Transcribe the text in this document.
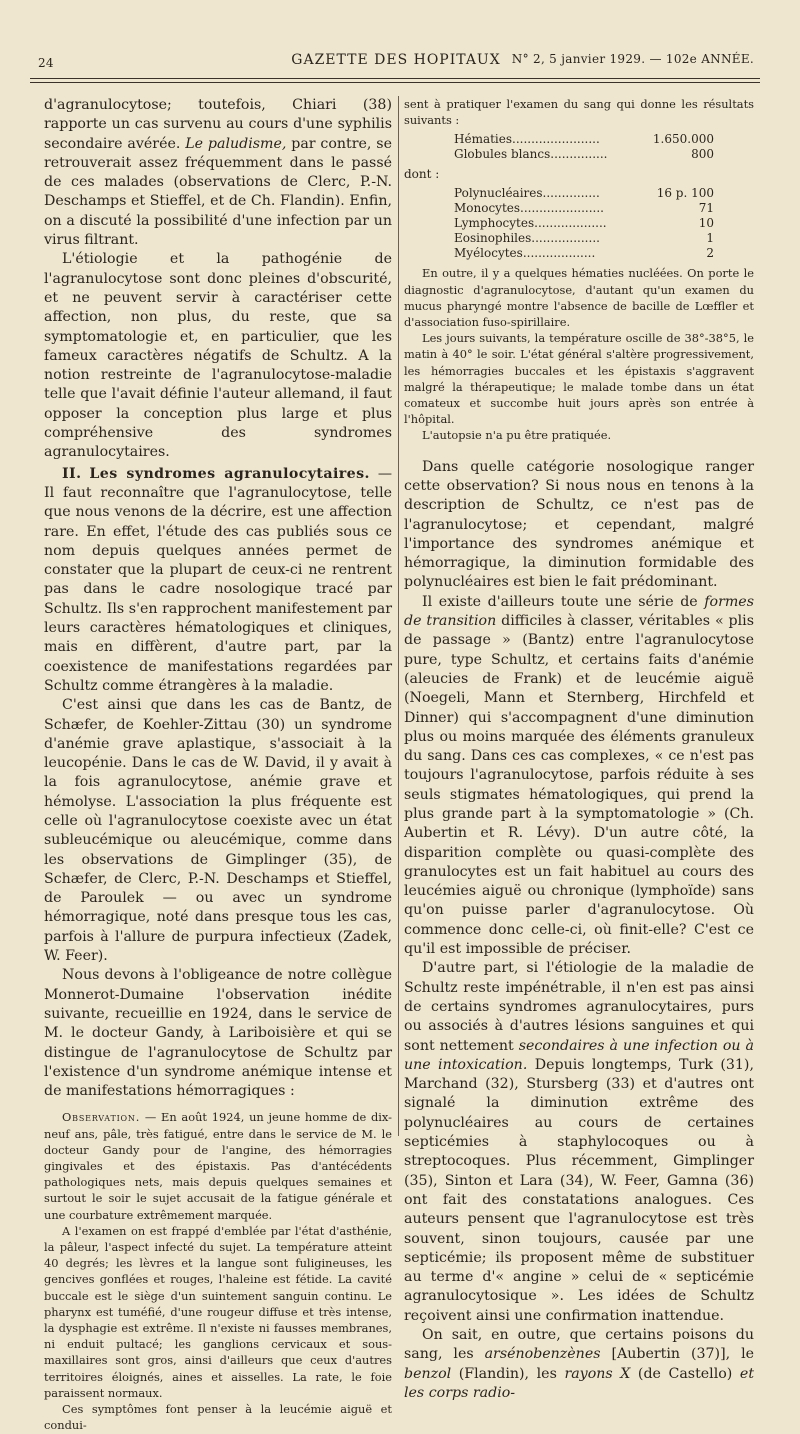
24	GAZETTE DES HOPITAUX N° 2, 5 janvier 1929. — 102e ANNÉE.

d'agranulocytose; toutefois, Chiari (38) rapporte un cas survenu au cours d'une syphilis secondaire avérée. Le paludisme, par contre, se retrouverait assez fréquemment dans le passé de ces malades (observations de Clerc, P.-N. Deschamps et Stieffel, et de Ch. Flandin). Enfin, on a discuté la possibilité d'une infection par un virus filtrant.

L'étiologie et la pathogénie de l'agranulocytose sont donc pleines d'obscurité, et ne peuvent servir à caractériser cette affection, non plus, du reste, que sa symptomatologie et, en particulier, que les fameux caractères négatifs de Schultz. A la notion restreinte de l'agranulocytose-maladie telle que l'avait définie l'auteur allemand, il faut opposer la conception plus large et plus compréhensive des syndromes agranulocytaires.

II. Les syndromes agranulocytaires. — Il faut reconnaître que l'agranulocytose, telle que nous venons de la décrire, est une affection rare. En effet, l'étude des cas publiés sous ce nom depuis quelques années permet de constater que la plupart de ceux-ci ne rentrent pas dans le cadre nosologique tracé par Schultz. Ils s'en rapprochent manifestement par leurs caractères hématologiques et cliniques, mais en diffèrent, d'autre part, par la coexistence de manifestations regardées par Schultz comme étrangères à la maladie.

C'est ainsi que dans les cas de Bantz, de Schæfer, de Koehler-Zittau (30) un syndrome d'anémie grave aplastique, s'associait à la leucopénie. Dans le cas de W. David, il y avait à la fois agranulocytose, anémie grave et hémolyse. L'association la plus fréquente est celle où l'agranulocytose coexiste avec un état subleucémique ou aleucémique, comme dans les observations de Gimplinger (35), de Schæfer, de Clerc, P.-N. Deschamps et Stieffel, de Paroulek — ou avec un syndrome hémorragique, noté dans presque tous les cas, parfois à l'allure de purpura infectieux (Zadek, W. Feer).

Nous devons à l'obligeance de notre collègue Monnerot-Dumaine l'observation inédite suivante, recueillie en 1924, dans le service de M. le docteur Gandy, à Lariboisière et qui se distingue de l'agranulocytose de Schultz par l'existence d'un syndrome anémique intense et de manifestations hémorragiques :

Observation. — En août 1924, un jeune homme de dix-neuf ans, pâle, très fatigué, entre dans le service de M. le docteur Gandy pour de l'angine, des hémorragies gingivales et des épistaxis. Pas d'antécédents pathologiques nets, mais depuis quelques semaines et surtout le soir le sujet accusait de la fatigue générale et une courbature extrêmement marquée.

A l'examen on est frappé d'emblée par l'état d'asthénie, la pâleur, l'aspect infecté du sujet. La température atteint 40 degrés; les lèvres et la langue sont fuligineuses, les gencives gonflées et rouges, l'haleine est fétide. La cavité buccale est le siège d'un suintement sanguin continu. Le pharynx est tuméfié, d'une rougeur diffuse et très intense, la dysphagie est extrême. Il n'existe ni fausses membranes, ni enduit pultacé; les ganglions cervicaux et sous-maxillaires sont gros, ainsi d'ailleurs que ceux d'autres territoires éloignés, aines et aisselles. La rate, le foie paraissent normaux.

Ces symptômes font penser à la leucémie aiguë et condui-

sent à pratiquer l'examen du sang qui donne les résultats suivants :

Hématies.......................	1.650.000
Globules blancs...............	800

dont :

Polynucléaires...............	16 p. 100
Monocytes......................	71
Lymphocytes...................	10
Eosinophiles..................	1
Myélocytes...................	2

En outre, il y a quelques hématies nucléées. On porte le diagnostic d'agranulocytose, d'autant qu'un examen du mucus pharyngé montre l'absence de bacille de Lœffler et d'association fuso-spirillaire.

Les jours suivants, la température oscille de 38°-38°5, le matin à 40° le soir. L'état général s'altère progressivement, les hémorragies buccales et les épistaxis s'aggravent malgré la thérapeutique; le malade tombe dans un état comateux et succombe huit jours après son entrée à l'hôpital.

L'autopsie n'a pu être pratiquée.

Dans quelle catégorie nosologique ranger cette observation? Si nous nous en tenons à la description de Schultz, ce n'est pas de l'agranulocytose; et cependant, malgré l'importance des syndromes anémique et hémorragique, la diminution formidable des polynucléaires est bien le fait prédominant.

Il existe d'ailleurs toute une série de formes de transition difficiles à classer, véritables « plis de passage » (Bantz) entre l'agranulocytose pure, type Schultz, et certains faits d'anémie (aleucies de Frank) et de leucémie aiguë (Noegeli, Mann et Sternberg, Hirchfeld et Dinner) qui s'accompagnent d'une diminution plus ou moins marquée des éléments granuleux du sang. Dans ces cas complexes, « ce n'est pas toujours l'agranulocytose, parfois réduite à ses seuls stigmates hématologiques, qui prend la plus grande part à la symptomatologie » (Ch. Aubertin et R. Lévy). D'un autre côté, la disparition complète ou quasi-complète des granulocytes est un fait habituel au cours des leucémies aiguë ou chronique (lymphoïde) sans qu'on puisse parler d'agranulocytose. Où commence donc celle-ci, où finit-elle? C'est ce qu'il est impossible de préciser.

D'autre part, si l'étiologie de la maladie de Schultz reste impénétrable, il n'en est pas ainsi de certains syndromes agranulocytaires, purs ou associés à d'autres lésions sanguines et qui sont nettement secondaires à une infection ou à une intoxication. Depuis longtemps, Turk (31), Marchand (32), Stursberg (33) et d'autres ont signalé la diminution extrême des polynucléaires au cours de certaines septicémies à staphylocoques ou à streptocoques. Plus récemment, Gimplinger (35), Sinton et Lara (34), W. Feer, Gamna (36) ont fait des constatations analogues. Ces auteurs pensent que l'agranulocytose est très souvent, sinon toujours, causée par une septicémie; ils proposent même de substituer au terme d'« angine » celui de « septicémie agranulocytosique ». Les idées de Schultz reçoivent ainsi une confirmation inattendue.

On sait, en outre, que certains poisons du sang, les arsénobenzènes [Aubertin (37)], le benzol (Flandin), les rayons X (de Castello) et les corps radio-
